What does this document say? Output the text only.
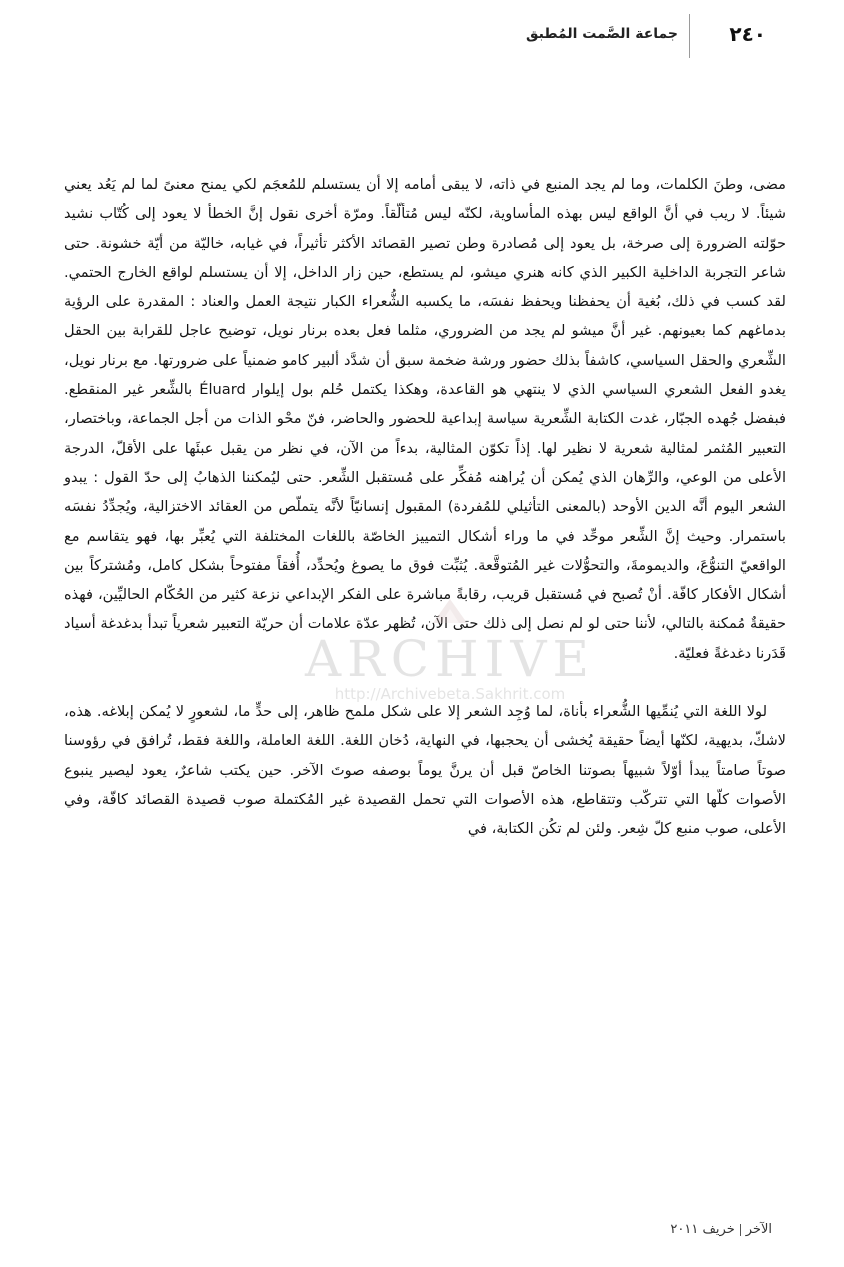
٢٤٠
جماعة الصَّمت المُطبق

مضى، وطنَ الكلمات، وما لم يجد المنبع في ذاته، لا يبقى أمامه إلا أن يستسلم للمُعجَم لكي يمنح معنىً لما لم يَعُد يعني شيئاً. لا ريب في أنَّ الواقع ليس بهذه المأساوية، لكنّه ليس مُتألّقاً. ومرّة أخرى نقول إنَّ الخطأ لا يعود إلى كُتّاب نشيد حوّلته الضرورة إلى صرخة، بل يعود إلى مُصادرة وطن تصير القصائد الأكثر تأثيراً، في غيابه، خاليّة من أيّة خشونة. حتى شاعر التجربة الداخلية الكبير الذي كانه هنري ميشو، لم يستطع، حين زار الداخل، إلا أن يستسلم لواقع الخارج الحتمي. لقد كسب في ذلك، بُغية أن يحفظنا ويحفظ نفسَه، ما يكسبه الشُّعراء الكبار نتيجة العمل والعناد : المقدرة على الرؤية بدماغهم كما بعيونهم. غير أنَّ ميشو لم يجد من الضروري، مثلما فعل بعده برنار نويل، توضيح عاجل للقرابة بين الحقل الشِّعري والحقل السياسي، كاشفاً بذلك حضور ورشة ضخمة سبق أن شدَّد ألبير كامو ضمنياً على ضرورتها. مع برنار نويل، يغدو الفعل الشعري السياسي الذي لا ينتهي هو القاعدة، وهكذا يكتمل حُلم بول إيلوار Éluard بالشِّعر غير المنقطع. فبفضل جُهده الجبّار، غدت الكتابة الشِّعرية سياسة إبداعية للحضور والحاضر، فنّ محْو الذات من أجل الجماعة، وباختصار، التعبير المُثمر لمثالية شعرية لا نظير لها. إذاً تكوّن المثالية، بدءاً من الآن، في نظر من يقبل عبئَها على الأقلّ، الدرجة الأعلى من الوعي، والرِّهان الذي يُمكن أن يُراهنه مُفكِّر على مُستقبل الشِّعر. حتى ليُمكننا الذهابُ إلى حدّ القول : يبدو الشعر اليوم أنَّه الدين الأوحد (بالمعنى التأثيلي للمُفردة) المقبول إنسانيّاً لأنَّه يتملّص من العقائد الاختزالية، ويُجدِّدُ نفسَه باستمرار. وحيث إنَّ الشِّعر موحِّد في ما وراء أشكال التمييز الخاصّة باللغات المختلفة التي يُعبِّر بها، فهو يتقاسم مع الواقعيّ التنوُّعَ، والديمومةَ، والتحوُّلات غير المُتوقَّعة. يُثبِّت فوق ما يصوغ ويُحدِّد، أُفقاً مفتوحاً بشكل كامل، ومُشتركاً بين أشكال الأفكار كافّة. أنْ تُصبح في مُستقبل قريب، رقابةً مباشرة على الفكر الإبداعي نزعة كثير من الحُكّام الحاليِّين، فهذه حقيقةٌ مُمكنة بالتالي، لأننا حتى لو لم نصل إلى ذلك حتى الآن، تُظهر عدّة علامات أن حريّة التعبير شعرياً تبدأ بدغدغة أسياد قَدَرنا دغدغةً فعليّة.

لولا اللغة التي يُنمِّيها الشُّعراء بأناة، لما وُجِد الشعر إلا على شكل ملمح ظاهر، إلى حدٍّ ما، لشعورٍ لا يُمكن إبلاغه. هذه، لاشكّ، بديهية، لكنّها أيضاً حقيقة يُخشى أن يحجبها، في النهاية، دُخان اللغة. اللغة العاملة، واللغة فقط، تُرافق في رؤوسنا صوتاً صامتاً يبدأ أوّلاً شبيهاً بصوتنا الخاصّ قبل أن يرنَّ يوماً بوصفه صوتَ الآخر. حين يكتب شاعرٌ، يعود ليصير ينبوع الأصوات كلّها التي تتركّب وتتقاطع، هذه الأصوات التي تحمل القصيدة غير المُكتملة صوب قصيدة القصائد كافّة، وفي الأعلى، صوب منبع كلّ شِعر. ولئن لم تكُن الكتابة، في

ARCHIVE
http://Archivebeta.Sakhrit.com
الآخرخريف ٢٠١١
